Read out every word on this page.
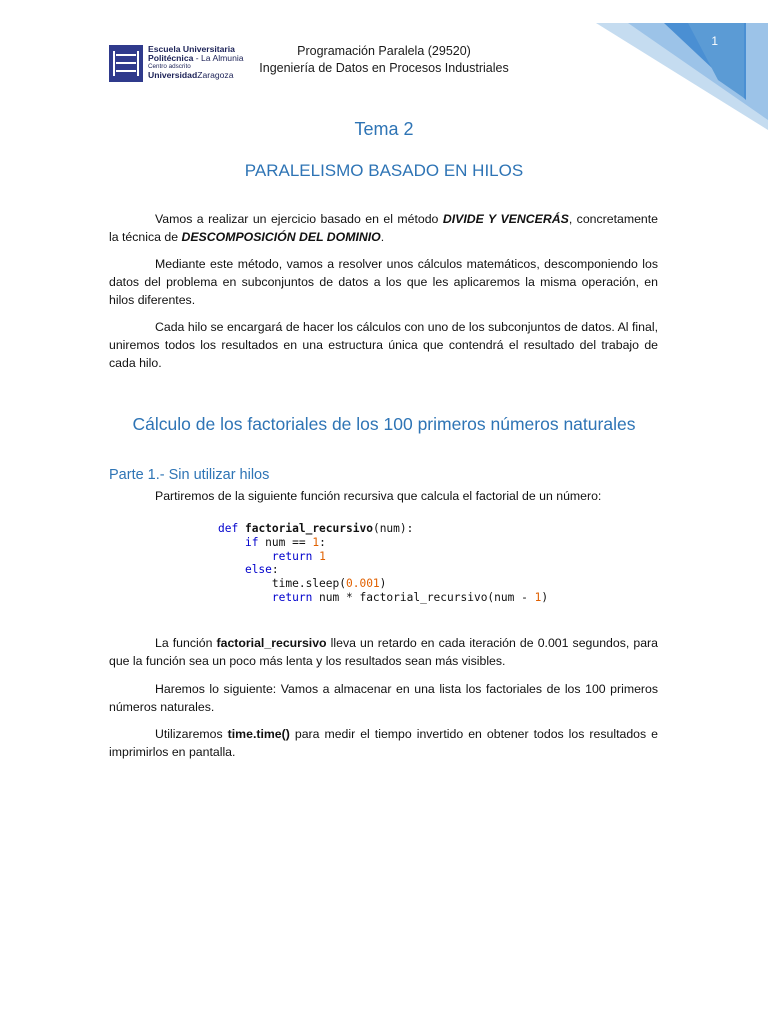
1
Escuela Universitaria
Politécnica - La Almunia
Centro adscrito
UniversidadZaragoza
Programación Paralela (29520)
Ingeniería de Datos en Procesos Industriales
Tema 2
PARALELISMO BASADO EN HILOS
Vamos a realizar un ejercicio basado en el método DIVIDE Y VENCERÁS, concretamente la técnica de DESCOMPOSICIÓN DEL DOMINIO.
Mediante este método, vamos a resolver unos cálculos matemáticos, descomponiendo los datos del problema en subconjuntos de datos a los que les aplicaremos la misma operación, en hilos diferentes.
Cada hilo se encargará de hacer los cálculos con uno de los subconjuntos de datos. Al final, uniremos todos los resultados en una estructura única que contendrá el resultado del trabajo de cada hilo.
Cálculo de los factoriales de los 100 primeros números naturales
Parte 1.- Sin utilizar hilos
Partiremos de la siguiente función recursiva que calcula el factorial de un número:
def factorial_recursivo(num):
if num == 1:
return 1
else:
time.sleep(0.001)
return num * factorial_recursivo(num - 1)
La función factorial_recursivo lleva un retardo en cada iteración de 0.001 segundos, para que la función sea un poco más lenta y los resultados sean más visibles.
Haremos lo siguiente: Vamos a almacenar en una lista los factoriales de los 100 primeros números naturales.
Utilizaremos time.time() para medir el tiempo invertido en obtener todos los resultados e imprimirlos en pantalla.
